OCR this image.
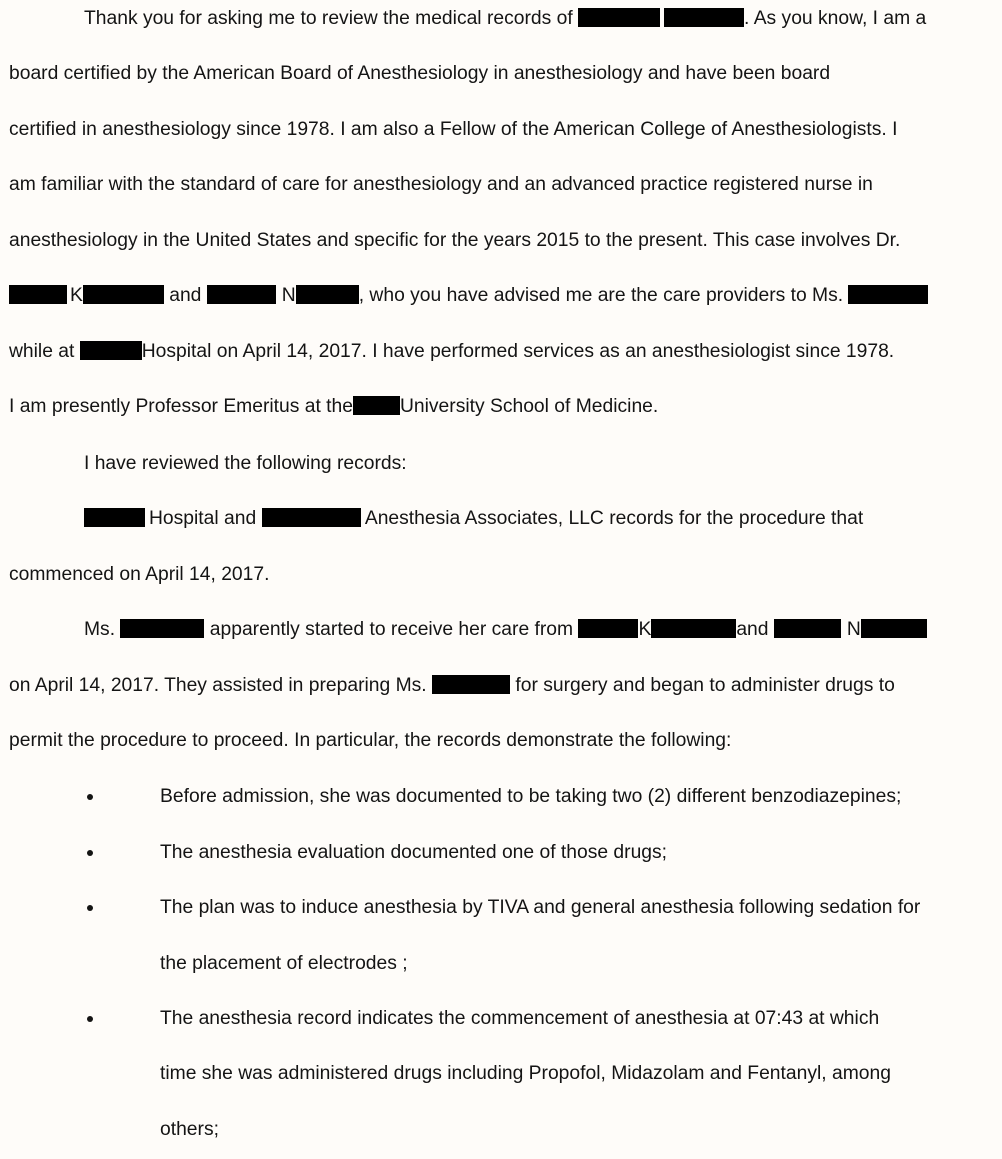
Thank you for asking me to review the medical records of	. As you know, I am a
board certified by the American Board of Anesthesiology in anesthesiology and have been board
certified in anesthesiology since 1978. I am also a Fellow of the American College of Anesthesiologists. I
am familiar with the standard of care for anesthesiology and an advanced practice registered nurse in
anesthesiology in the United States and specific for the years 2015 to the present. This case involves Dr.
K	and	N	, who you have advised me are the care providers to Ms.
while at	Hospital on April 14, 2017. I have performed services as an anesthesiologist since 1978.
I am presently Professor Emeritus at the University School of Medicine.
I have reviewed the following records:
Hospital and	Anesthesia Associates, LLC records for the procedure that
commenced on April 14, 2017.
Ms.	apparently started to receive her care from	K	and	N
on April 14, 2017. They assisted in preparing Ms.	for surgery and began to administer drugs to
permit the procedure to proceed. In particular, the records demonstrate the following:
Before admission, she was documented to be taking two (2) different benzodiazepines;
The anesthesia evaluation documented one of those drugs;
The plan was to induce anesthesia by TIVA and general anesthesia following sedation for
the placement of electrodes ;
The anesthesia record indicates the commencement of anesthesia at 07:43 at which
time she was administered drugs including Propofol, Midazolam and Fentanyl, among
others;
